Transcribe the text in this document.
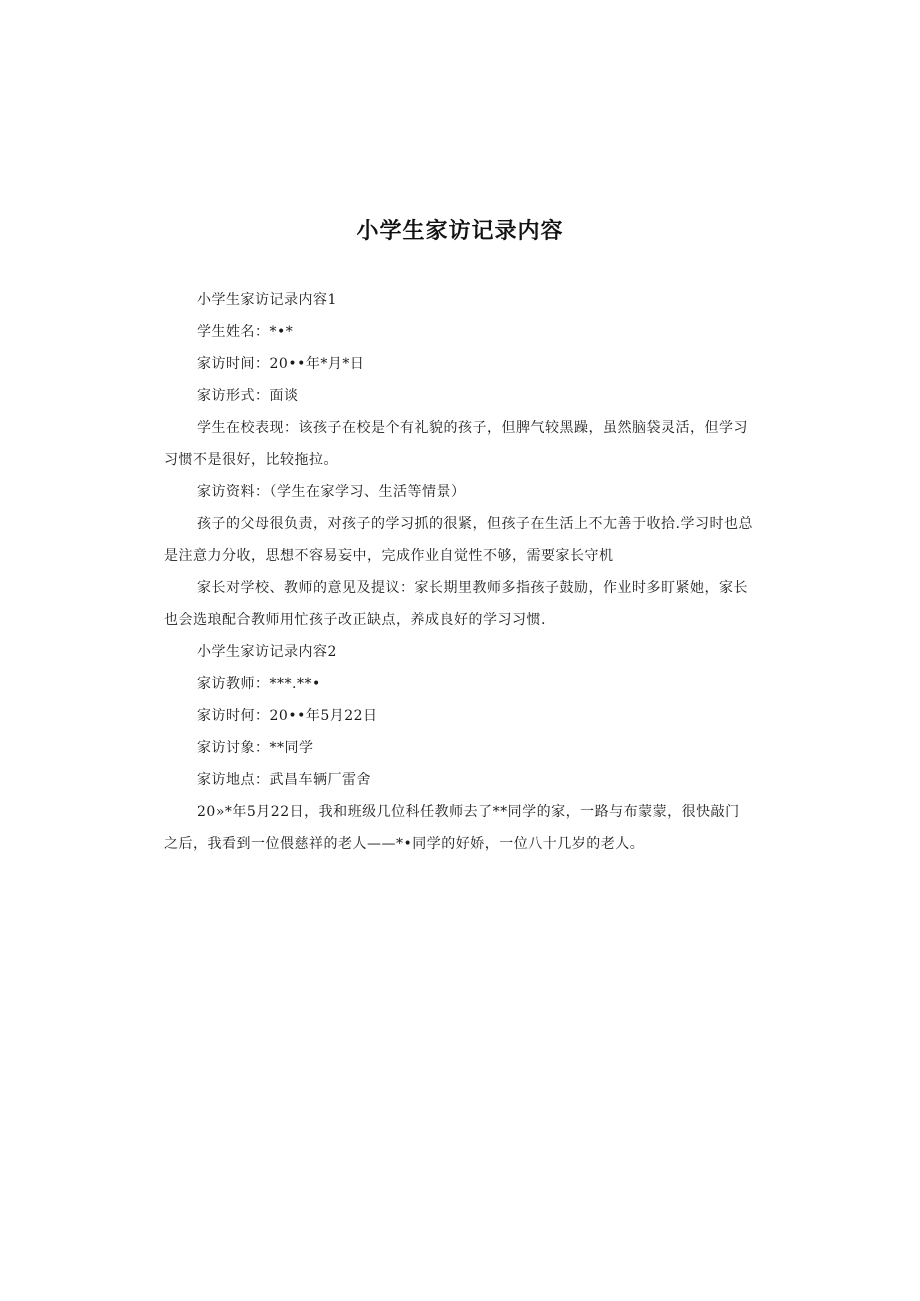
小学生家访记录内容

小学生家访记录内容1

学生姓名：*•*

家访时间：20••年*月*日

家访形式：面谈

学生在校表现：该孩子在校是个有礼貌的孩子，但脾气较黑躁，虽然脑袋灵活，但学习习惯不是很好，比较拖拉。

家访资料：（学生在家学习、生活等情景）

孩子的父母很负责，对孩子的学习抓的很紧，但孩子在生活上不尢善于收拾.学习时也总是注意力分收，思想不容易妄中，完成作业自觉性不够，需要家长守机

家长对学校、教师的意见及提议：家长期里教师多指孩子鼓励，作业时多盯紧她，家长也会选琅配合教师用忙孩子改正缺点，养成良好的学习习惯.

小学生家访记录内容2

家访教师：***.**•

家访时何：20••年5月22日

家访讨象：**同学

家访地点：武昌车辆厂雷舍

20»*年5月22日，我和班级几位科任教师去了**同学的家，一路与布蒙蒙，很快敲门之后，我看到一位偎慈祥的老人——*•同学的好娇，一位八十几岁的老人。
